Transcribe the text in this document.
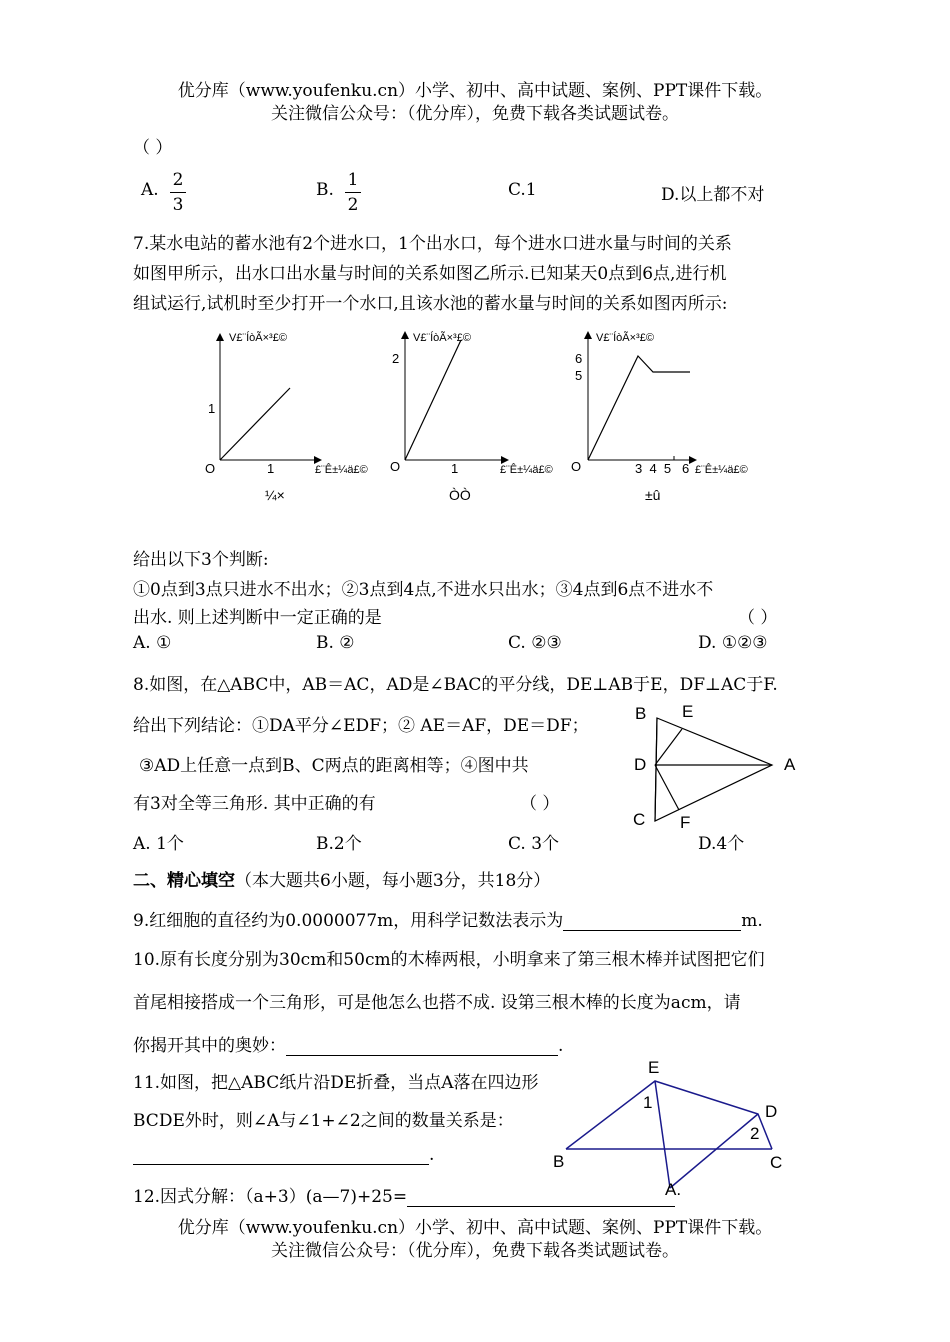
优分库（www.youfenku.cn）小学、初中、高中试题、案例、PPT课件下载。
关注微信公众号：（优分库），免费下载各类试题试卷。
（ ）
A. 2
3
B. 1
2
C.1	D.以上都不对
7.某水电站的蓄水池有2个进水口，1个出水口，每个进水口进水量与时间的关系
如图甲所示，出水口出水量与时间的关系如图乙所示.已知某天0点到6点,进行机
组试运行,试机时至少打开一个水口,且该水池的蓄水量与时间的关系如图丙所示:
V£¨ÍòÃ×³£©
£¨Ê±¼ä£©
O
1
1
¼×
V£¨ÍòÃ×³£©
£¨Ê±¼ä£©
O
2
1
ÒÒ
V£¨ÍòÃ×³£©
£¨Ê±¼ä£©
O
6
5
3  4  5   6
±û
给出以下3个判断:
①0点到3点只进水不出水；②3点到4点,不进水只出水；③4点到6点不进水不
出水. 则上述判断中一定正确的是	（ ）
A. ①	B. ②	C. ②③	D. ①②③
8.如图，在△ABC中，AB＝AC，AD是∠BAC的平分线，DE⊥AB于E，DF⊥AC于F.
给出下列结论：①DA平分∠EDF；② AE＝AF，DE＝DF；
③AD上任意一点到B、C两点的距离相等；④图中共
有3对全等三角形. 其中正确的有	（ ）
A. 1个	B.2个	C. 3个	D.4个
B E
D	A
C F
二、精心填空（本大题共6小题，每小题3分，共18分）
9.红细胞的直径约为0.0000077m，用科学记数法表示为	m.
10.原有长度分别为30cm和50cm的木棒两根，小明拿来了第三根木棒并试图把它们
首尾相接搭成一个三角形，可是他怎么也搭不成. 设第三根木棒的长度为acm，请
你揭开其中的奥妙：	.
11.如图，把△ABC纸片沿DE折叠，当点A落在四边形
BCDE外时，则∠A与∠1+∠2之间的数量关系是：
.
E
D
B	C
A.
1
2
12.因式分解：（a+3）(a—7)+25=
优分库（www.youfenku.cn）小学、初中、高中试题、案例、PPT课件下载。
关注微信公众号：（优分库），免费下载各类试题试卷。
